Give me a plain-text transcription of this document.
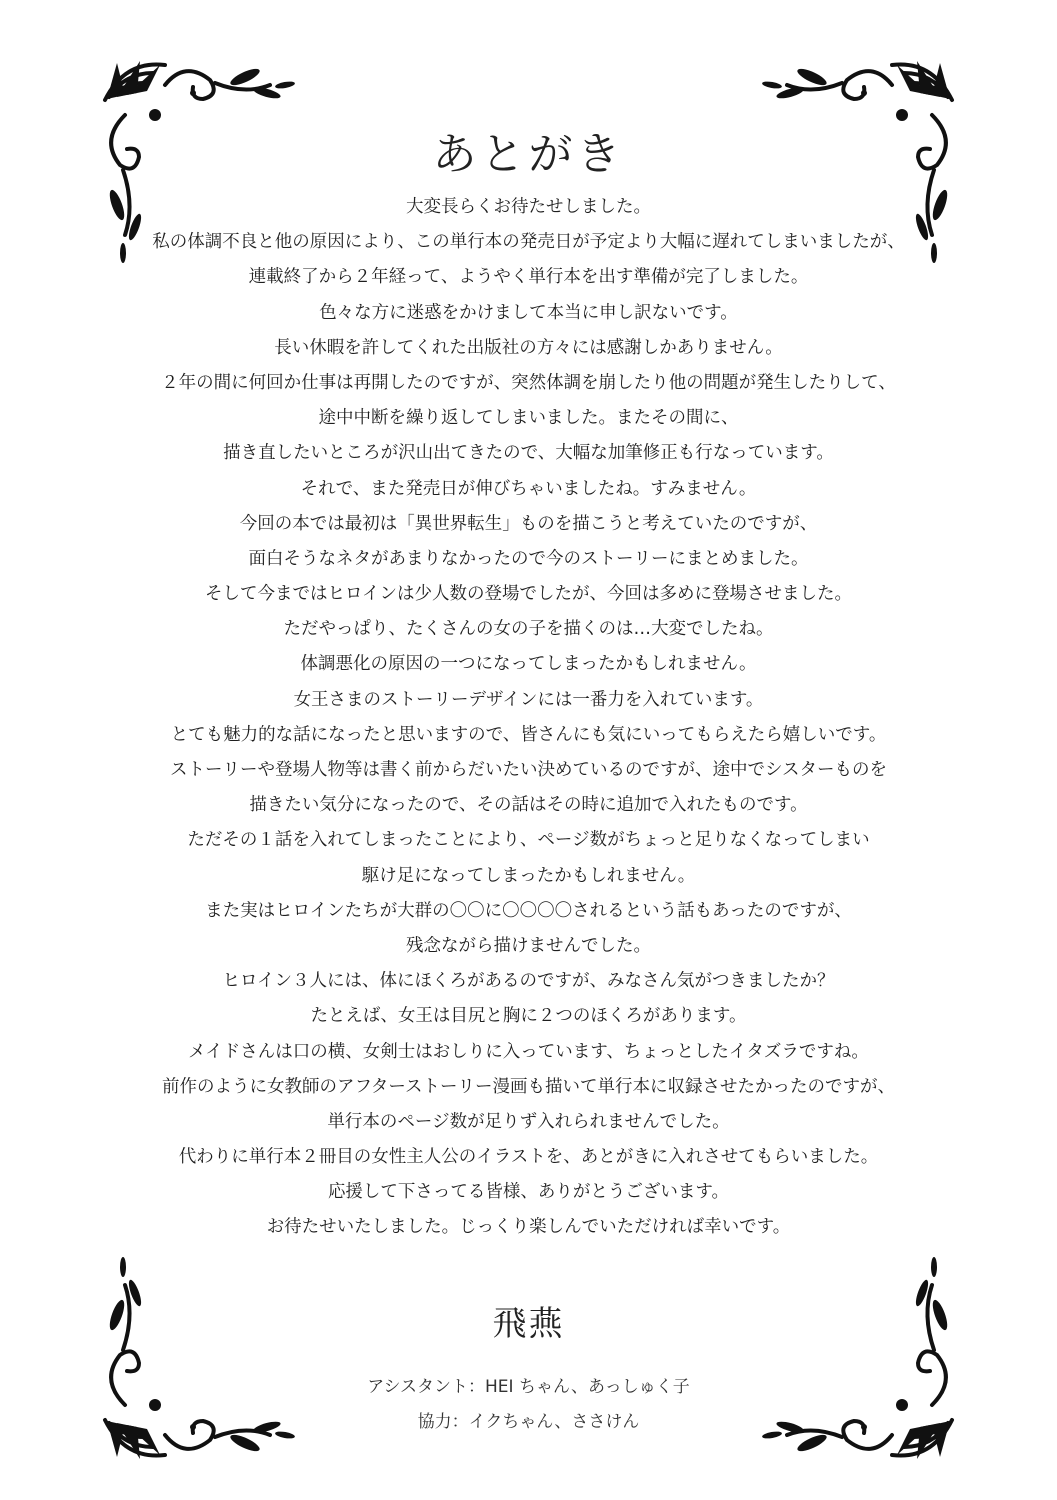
あとがき
大変長らくお待たせしました。
私の体調不良と他の原因により、この単行本の発売日が予定より大幅に遅れてしまいましたが、
連載終了から２年経って、ようやく単行本を出す準備が完了しました。
色々な方に迷惑をかけまして本当に申し訳ないです。
長い休暇を許してくれた出版社の方々には感謝しかありません。
２年の間に何回か仕事は再開したのですが、突然体調を崩したり他の問題が発生したりして、
途中中断を繰り返してしまいました。またその間に、
描き直したいところが沢山出てきたので、大幅な加筆修正も行なっています。
それで、また発売日が伸びちゃいましたね。すみません。
今回の本では最初は「異世界転生」ものを描こうと考えていたのですが、
面白そうなネタがあまりなかったので今のストーリーにまとめました。
そして今まではヒロインは少人数の登場でしたが、今回は多めに登場させました。
ただやっぱり、たくさんの女の子を描くのは…大変でしたね。
体調悪化の原因の一つになってしまったかもしれません。
女王さまのストーリーデザインには一番力を入れています。
とても魅力的な話になったと思いますので、皆さんにも気にいってもらえたら嬉しいです。
ストーリーや登場人物等は書く前からだいたい決めているのですが、途中でシスターものを
描きたい気分になったので、その話はその時に追加で入れたものです。
ただその１話を入れてしまったことにより、ページ数がちょっと足りなくなってしまい
駆け足になってしまったかもしれません。
また実はヒロインたちが大群の〇〇に〇〇〇〇されるという話もあったのですが、
残念ながら描けませんでした。
ヒロイン３人には、体にほくろがあるのですが、みなさん気がつきましたか？
たとえば、女王は目尻と胸に２つのほくろがあります。
メイドさんは口の横、女剣士はおしりに入っています、ちょっとしたイタズラですね。
前作のように女教師のアフターストーリー漫画も描いて単行本に収録させたかったのですが、
単行本のページ数が足りず入れられませんでした。
代わりに単行本２冊目の女性主人公のイラストを、あとがきに入れさせてもらいました。
応援して下さってる皆様、ありがとうございます。
お待たせいたしました。じっくり楽しんでいただければ幸いです。
飛燕
アシスタント：HEI ちゃん、あっしゅく子
協力：イクちゃん、ささけん
